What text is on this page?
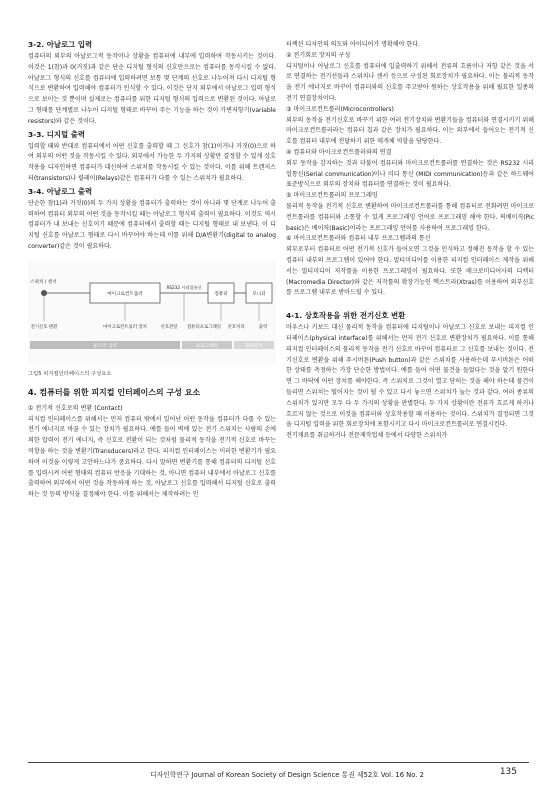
3-2. 아날로그 입력

컴퓨터의 외부의 아날로그적 동작이나 상황을 컴퓨터에 내부에 입력하여 작동시키는 것이다. 이것은 1(참)과 0(거짓)과 같은 단순 디지털 형식의 신호만으로는 컴퓨터를 동작시킬 수 없다. 아날로그 형식의 신호를 컴퓨터에 입력하려면 보통 몇 단계의 신호로 나누어져 다시 디지털 형식으로 변환하여 입력해야 컴퓨터가 인식할 수 있다. 이것은 단지 외부에서 아날로그 입력 형식으로 보이는 것 뿐이며 실제로는 컴퓨터를 위한 디지털 형식의 입력으로 변환된 것이다. 아날로그 형태를 단계별로 나누어 디지털 형태로 바꾸어 주는 기능을 하는 것이 가변저항기(variable resistors)와 같은 것이다.

3-3. 디지털 출력

입력할 때와 반대로 컴퓨터에서 어떤 신호를 출력할 때 그 신호가 참(1)이거나 거짓(0)으로 하여 외부의 어떤 것을 작동시킬 수 있다. 외부에서 가능한 두 가지의 상황만 결정할 수 있게 상호작용을 디자인하면 컴퓨터가 대신하여 스위치를 작동시킬 수 있는 것이다. 이를 위해 트랜지스터(transistors)나 릴레이(Relays)같은 컴퓨터가 다룰 수 있는 스위치가 필요하다.

3-4. 아날로그 출력

단순한 참(1)과 거짓(0)의 두 가지 상황을 컴퓨터가 출력하는 것이 아니라 몇 단계로 나누어 출력하여 컴퓨터 외부의 어떤 것을 동작시킬 때는 아날로그 형식의 출력이 필요하다. 이것도 역시 컴퓨터가 내 보내는 신호이기 때문에 컴퓨터에서 출력할 때는 디지털 형태로 내 보낸다. 이 디지털 신호를 아날로그 형태로 다시 바꾸어야 하는데 이를 위해 D/A변환기(digital to analog converter)같은 것이 필요하다.

스위치 / 센서
마이크로컨트롤러
RS232 시리얼통신
컴퓨터	모니터
전기신호 변환	마이크로컨트롤러 장치	선호전달 컴퓨터프로그래밍 선호처리	출력
물리적 입력	프로그래밍	출력장치
그림5 피지컬인터페이스의 구성요소
4. 컴퓨터를 위한 피지컬 인터페이스의 구성 요소
① 전기적 신호로의 변환 (Contact)

피지컬 인터페이스를 위해서는 먼저 컴퓨터 밖에서 일어난 어떤 동작을 컴퓨터가 다룰 수 있는 전기 에너지로 바꿀 수 있는 장치가 필요하다. 예를 들어 벽에 있는 전기 스위치는 사람의 손에 의한 압력이 전기 에너지, 즉 신호로 전환이 되는 것처럼 물리적 동작을 전기적 신호로 바꾸는 역할을 하는 것을 변환기(Transducers)라고 한다. 피지컬 인터페이스는 이러한 변환기가 필요하며 이것을 이렇게 고안하느냐가 중요하다. 다시 말하면 변환기를 통해 컴퓨터의 디지털 신호를 입력시켜 어떤 형태의 컴퓨터 반응을 기대하는 것, 아니면 컴퓨터 내부에서 아날로그 신호를 출력하여 외부에서 어떤 것을 작동하게 하는 것, 아날로그 신호를 입력해서 디지털 신호로 출력하는 것 등의 방식을 결정해야 한다. 이를 위해서는 제작하려는 인

터랙션 디자인의 의도와 아이디어가 명확해야 한다.

② 전기회로 장치의 구성

디지털이나 아날로그 신호를 컴퓨터에 입출력하기 위해서 전류의 흐름이나 저항 같은 것을 서로 연결하는 전기선들과 스위치나 센서 등으로 구성된 회로장치가 필요하다. 이는 물리적 동작을 전기 에너지로 바꾸어 컴퓨터와의 신호를 주고받아 원하는 상호작용을 위해 필요한 일종의 전기 연결장치이다.

③ 마이크로컨트롤러(Microcontrollers)

외부의 동작을 전기신호로 바꾸기 위한 여러 전기장치와 변환기들을 컴퓨터와 연결시키기 위해 마이크로컨트롤러라는 컴퓨터 칩과 같은 장치가 필요하다. 이는 외부에서 들어오는 전기적 신호를 컴퓨터 내부에 전달하기 위한 매개체 역할을 담당한다.

④ 컴퓨터와 마이크로컨트롤러와의 연결

외부 동작을 감지하는 것과 더불어 컴퓨터와 마이크로컨트롤러를 연결하는 것은 RS232 시리얼통신(Serial communication)이나 미디 통신 (MIDI communication)등과 같은 하드웨어 표준방식으로 외부의 장치와 컴퓨터를 연결하는 것이 필요하다.

⑤ 마이크로컨트롤러의 프로그래밍

물리적 동작을 전기적 신호로 변환하여 마이크로컨트롤러를 통해 컴퓨터로 전화려면 마이크로컨트롤러를 컴퓨터와 소통할 수 있게 프로그래밍 언어로 프로그래밍 해야 한다. 픽베이직(Pic basic)은 베이직(Basic)이라는 프로그래밍 언어를 사용하여 프로그래밍 한다.

⑥ 마이크로컨트롤러와 컴퓨터 내부 프로그램과의 통신

외부로부터 컴퓨터로 어떤 전기적 신호가 들어오면 그것을 인식하고 정해진 동작을 할 수 있는 컴퓨터 내부의 프로그램이 있어야 한다. 멀티미디어를 이용한 피지컬 인터페이스 제작을 위해서는 멀티미디어 저작툴을 이용한 프로그래밍이 필요하다. 또한 매크로미디어사의 디렉터(Macromedia Director)와 같은 저작툴의 확장기능인 엑스트라(Xtras)를 이용하여 외부신호를 프로그램 내부로 받아드릴 수 있다.

4-1. 상호작용을 위한 전기신호 변환

마우스나 키보드 대신 물리적 동작을 컴퓨터에 디지털이나 아날로그 신호로 보내는 피지컬 인터페이스(physical interface)를 위해서는 먼저 전기 신호로 변환장치가 필요하다. 이를 통해 피지컬 인터페이스의 물리적 동작을 전기 신호로 바꾸어 컴퓨터로 그 신호를 보내는 것이다. 전기신호로 변환을 위해 푸시버튼(Push button)과 같은 스위치를 사용하는데 푸시버튼은 어떠한 상태를 측정하는 가장 단순한 방법이다. 예를 들어 어떤 물건을 들었다는 것을 알기 원한다면 그 바닥에 어떤 장치를 해야한다. 즉 스위치로 그것이 열고 닫히는 것을 해야 하는데 물건이 들리면 스위치는 떨어지는 것이 될 수 있고 다시 놓으면 스위치가 눌는 것과 같다. 여러 종류의 스위치가 있지만 모두 다 두 가지의 상황을 판별한다. 두 가지 상황이란 전류가 흐르게 하거나 흐르지 않는 것으로 이것을 컴퓨터와 상호작용할 때 이용하는 것이다. 스위치가 결정되면 그것을 디지털 입력을 위한 회로장치에 포함시키고 다시 마이크로컨트롤러로 연결시킨다.

전기재료를 취급하거나 전문제작업체 등에서 다양한 스위치가

디자인학연구 Journal of Korean Society of Design Science 통권 제52호 Vol. 16 No. 2	135
